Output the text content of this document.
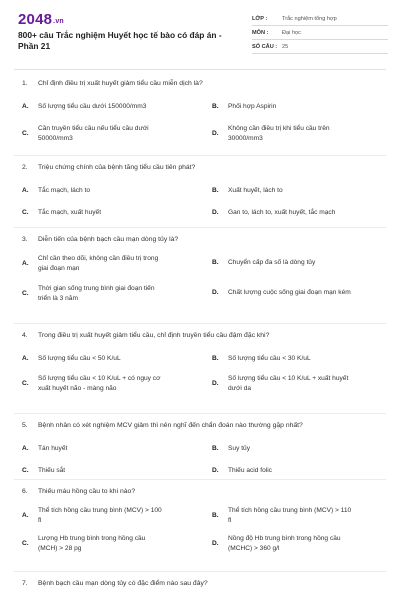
2048.vn
800+ câu Trắc nghiệm Huyết học tế bào có đáp án - Phần 21
LỚP :	Trắc nghiệm tổng hợp
MÔN :	Đại học
SỐ CÂU : 25
1. Chỉ định điều trị xuất huyết giảm tiểu cầu miễn dịch là?
A. Số lượng tiểu cầu dưới 150000/mm3	B. Phối hợp Aspirin
C.
Cần truyền tiểu cầu nếu tiểu cầu dưới
50000/mm3
D.
Không cần điều trị khi tiểu cầu trên
30000/mm3
2. Triệu chứng chính của bệnh tăng tiểu cầu tiên phát?
A. Tắc mạch, lách to	B. Xuất huyết, lách to
C. Tắc mạch, xuất huyết	D. Gan to, lách to, xuất huyết, tắc mạch
3. Diễn tiến của bệnh bạch cầu mạn dòng tủy là?
A.
Chỉ cần theo dõi, không cần điều trị trong
giai đoạn mạn
B. Chuyển cấp đa số là dòng tủy
C.
Thời gian sống trung bình giai đoạn tiến
triển là 3 năm
D. Chất lượng cuộc sống giai đoạn mạn kém
4. Trong điều trị xuất huyết giảm tiểu cầu, chỉ định truyền tiểu cầu đậm đặc khi?
A. Số lượng tiểu cầu < 50 K/uL	B. Số lượng tiểu cầu < 30 K/uL
C.
Số lượng tiểu cầu < 10 K/uL + có nguy cơ
xuất huyết não - màng não
D.
Số lượng tiểu cầu < 10 K/uL + xuất huyết
dưới da
5. Bệnh nhân có xét nghiệm MCV giảm thì nên nghĩ đến chẩn đoán nào thường gặp nhất?
A. Tán huyết	B. Suy tủy
C. Thiếu sắt	D. Thiếu acid folic
6. Thiếu máu hồng cầu to khi nào?
A.
Thể tích hồng cầu trung bình (MCV) > 100
fl
B.
Thể tích hồng cầu trung bình (MCV) > 110
fl
C.
Lượng Hb trung bình trong hồng cầu
(MCH) > 28 pg
D.
Nồng độ Hb trung bình trong hồng cầu
(MCHC) > 360 g/l
7. Bệnh bạch cầu mạn dòng tủy có đặc điểm nào sau đây?
